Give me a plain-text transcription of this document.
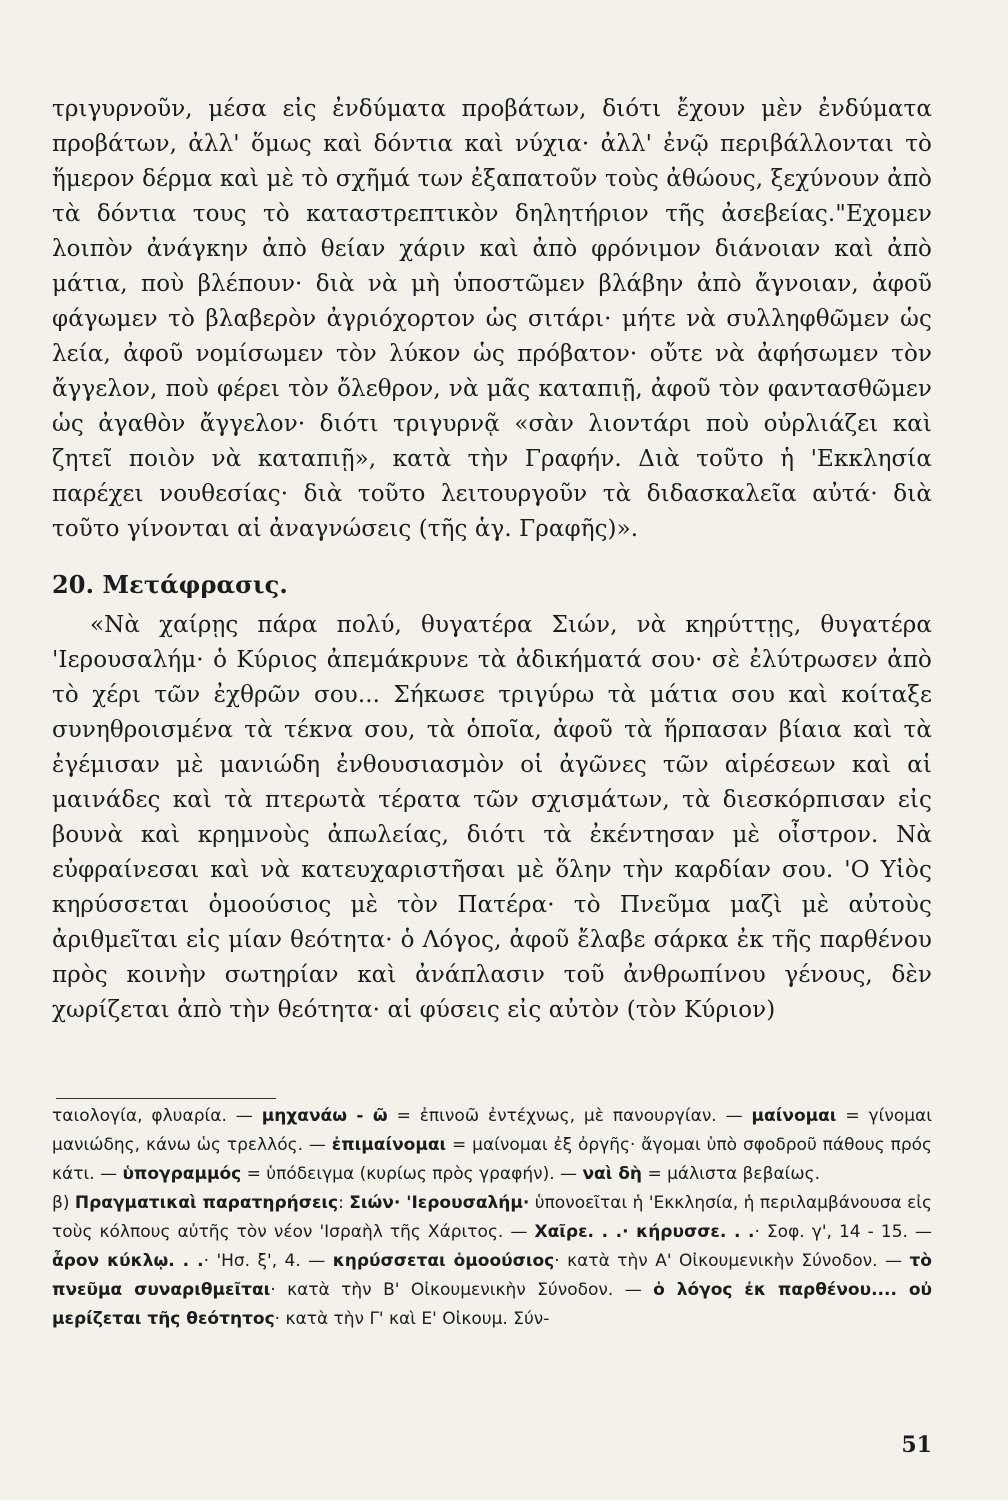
τριγυρνοῦν, μέσα εἰς ἐνδύματα προβάτων, διότι ἔχουν μὲν ἐνδύματα προβάτων, ἀλλ' ὅμως καὶ δόντια καὶ νύχια· ἀλλ' ἐνῷ περιβάλλονται τὸ ἥμερον δέρμα καὶ μὲ τὸ σχῆμά των ἐξαπατοῦν τοὺς ἀθώους, ξεχύνουν ἀπὸ τὰ δόντια τους τὸ καταστρεπτικὸν δηλητήριον τῆς ἀσεβείας."Εχομεν λοιπὸν ἀνάγκην ἀπὸ θείαν χάριν καὶ ἀπὸ φρόνιμον διάνοιαν καὶ ἀπὸ μάτια, ποὺ βλέπουν· διὰ νὰ μὴ ὑποστῶμεν βλάβην ἀπὸ ἄγνοιαν, ἀφοῦ φάγωμεν τὸ βλαβερὸν ἀγριόχορτον ὡς σιτάρι· μήτε νὰ συλληφθῶμεν ὡς λεία, ἀφοῦ νομίσωμεν τὸν λύκον ὡς πρόβατον· οὔτε νὰ ἀφήσωμεν τὸν ἄγγελον, ποὺ φέρει τὸν ὄλεθρον, νὰ μᾶς καταπιῇ, ἀφοῦ τὸν φαντασθῶμεν ὡς ἀγαθὸν ἄγγελον· διότι τριγυρνᾷ «σὰν λιοντάρι ποὺ οὐρλιάζει καὶ ζητεῖ ποιὸν νὰ καταπιῇ», κατὰ τὴν Γραφήν. Διὰ τοῦτο ἡ 'Εκκλησία παρέχει νουθεσίας· διὰ τοῦτο λειτουργοῦν τὰ διδασκαλεῖα αὐτά· διὰ τοῦτο γίνονται αἱ ἀναγνώσεις (τῆς ἁγ. Γραφῆς)».

20. Μετάφρασις.

«Νὰ χαίρῃς πάρα πολύ, θυγατέρα Σιών, νὰ κηρύττῃς, θυγατέρα 'Ιερουσαλήμ· ὁ Κύριος ἀπεμάκρυνε τὰ ἀδικήματά σου· σὲ ἐλύτρωσεν ἀπὸ τὸ χέρι τῶν ἐχθρῶν σου... Σήκωσε τριγύρω τὰ μάτια σου καὶ κοίταξε συνηθροισμένα τὰ τέκνα σου, τὰ ὁποῖα, ἀφοῦ τὰ ἥρπασαν βίαια καὶ τὰ ἐγέμισαν μὲ μανιώδη ἐνθουσιασμὸν οἱ ἀγῶνες τῶν αἱρέσεων καὶ αἱ μαινάδες καὶ τὰ πτερωτὰ τέρατα τῶν σχισμάτων, τὰ διεσκόρπισαν εἰς βουνὰ καὶ κρημνοὺς ἀπωλείας, διότι τὰ ἐκέντησαν μὲ οἶστρον. Νὰ εὐφραίνεσαι καὶ νὰ κατευχαριστῆσαι μὲ ὅλην τὴν καρδίαν σου. 'Ο Υἱὸς κηρύσσεται ὁμοούσιος μὲ τὸν Πατέρα· τὸ Πνεῦμα μαζὶ μὲ αὐτοὺς ἀριθμεῖται εἰς μίαν θεότητα· ὁ Λόγος, ἀφοῦ ἔλαβε σάρκα ἐκ τῆς παρθένου πρὸς κοινὴν σωτηρίαν καὶ ἀνάπλασιν τοῦ ἀνθρωπίνου γένους, δὲν χωρίζεται ἀπὸ τὴν θεότητα· αἱ φύσεις εἰς αὐτὸν (τὸν Κύριον)

ταιολογία, φλυαρία. — μηχανάω - ῶ = ἐπινοῶ ἐντέχνως, μὲ πανουργίαν. — μαίνομαι = γίνομαι μανιώδης, κάνω ὡς τρελλός. — ἐπιμαίνομαι = μαίνομαι ἐξ ὀργῆς· ἄγομαι ὑπὸ σφοδροῦ πάθους πρός κάτι. — ὑπογραμμός = ὑπόδειγμα (κυρίως πρὸς γραφήν). — ναὶ δὴ = μάλιστα βεβαίως.

β) Πραγματικαὶ παρατηρήσεις: Σιών· 'Ιερουσαλήμ· ὑπονοεῖται ἡ 'Εκκλησία, ἡ περιλαμβάνουσα εἰς τοὺς κόλπους αὐτῆς τὸν νέον 'Ισραὴλ τῆς Χάριτος. — Χαῖρε. . .· κήρυσσε. . .· Σοφ. γ', 14 - 15. — ἆρον κύκλῳ. . .· 'Ησ. ξ', 4. — κηρύσσεται ὁμοούσιος· κατὰ τὴν Α' Οἰκουμενικὴν Σύνοδον. — τὸ πνεῦμα συναριθμεῖται· κατὰ τὴν Β' Οἰκουμενικὴν Σύνοδον. — ὁ λόγος ἐκ παρθένου.... οὐ μερίζεται τῆς θεότητος· κατὰ τὴν Γ' καὶ Ε' Οἰκουμ. Σύν-

51
